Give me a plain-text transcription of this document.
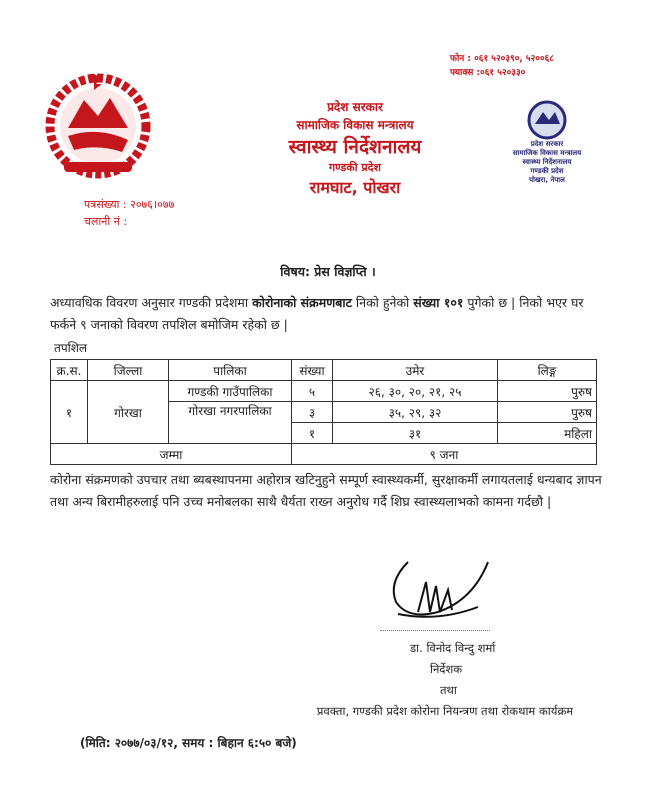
फोन : ०६१ ५२०३९०, ५२००६८
फ्याक्स :०६१ ५२०३३०
प्रदेश सरकार
सामाजिक विकास मन्त्रालय
स्वास्थ्य निर्देशनालय
गण्डकी प्रदेश
रामघाट, पोखरा
प्रदेश सरकार
सामाजिक विकास मन्त्रालय
स्वास्थ्य निर्देशनालय
गण्डकी प्रदेश
पोखरा, नेपाल
पत्रसंख्या : २०७६।०७७
चलानी नं :
विषय: प्रेस विज्ञप्ति ।
अध्यावधिक विवरण अनुसार गण्डकी प्रदेशमा कोरोनाको संक्रमणबाट निको हुनेको संख्या १०१ पुगेको छ | निको भएर घर फर्कने ९ जनाको विवरण तपशिल बमोजिम रहेको छ |
तपशिल
क्र.स.	जिल्ला	पालिका	संख्या	उमेर	लिङ्ग
१	गोरखा	गण्डकी गाउँपालिका	५	२६, ३०, २०, २१, २५	पुरुष
		गोरखा नगरपालिका	३	३५, २९, ३२	पुरुष
			१	३१	महिला
जम्मा			९ जना		
कोरोना संक्रमणको उपचार तथा ब्यबस्थापनमा अहोरात्र खटिनुहुने सम्पूर्ण स्वास्थ्यकर्मी, सुरक्षाकर्मी लगायतलाई धन्यबाद ज्ञापन तथा अन्य बिरामीहरुलाई पनि उच्च मनोबलका साथै धैर्यता राख्न अनुरोध गर्दै शिघ्र स्वास्थ्यलाभको कामना गर्दछौ |
डा. विनोद विन्दु शर्मा
निर्देशक
तथा
प्रवक्ता, गण्डकी प्रदेश कोरोना नियन्त्रण तथा रोकथाम कार्यक्रम
(मिति: २०७७/०३/१२, समय : बिहान ६:५० बजे)
